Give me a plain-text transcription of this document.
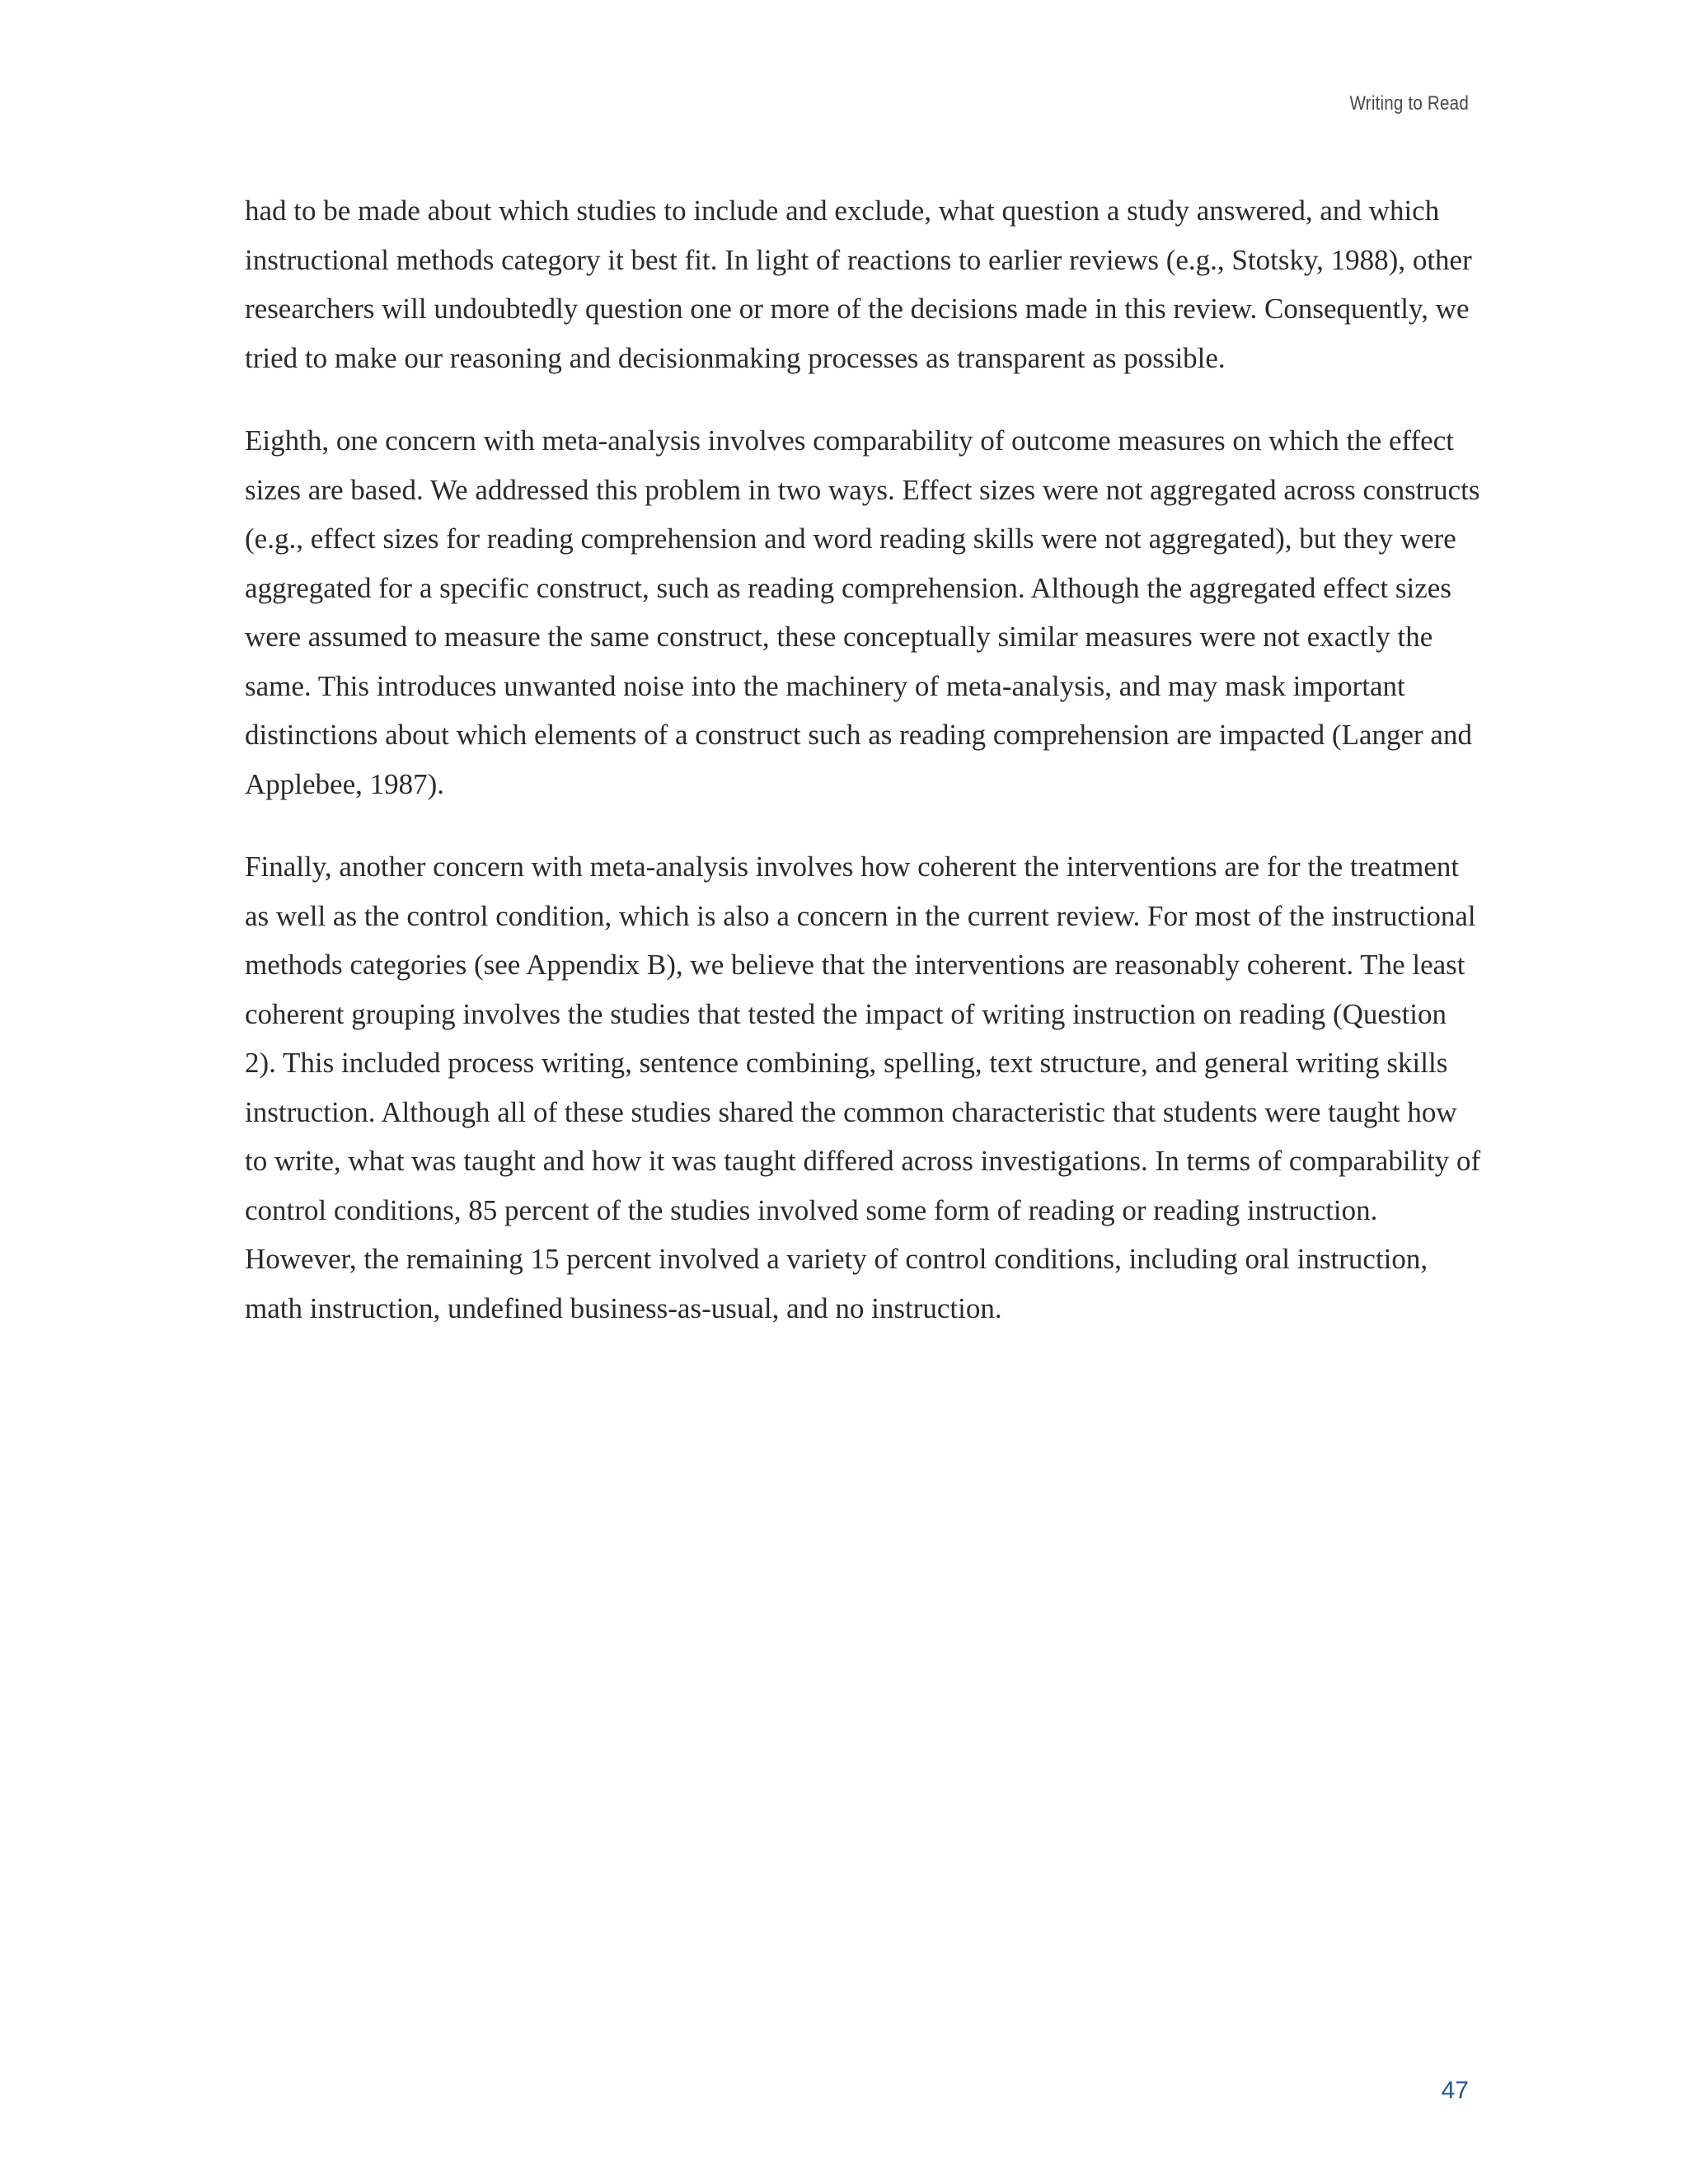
Writing to Read

had to be made about which studies to include and exclude, what question a study answered, and which instructional methods category it best fit. In light of reactions to earlier reviews (e.g., Stotsky, 1988), other researchers will undoubtedly question one or more of the decisions made in this review. Consequently, we tried to make our reasoning and decisionmaking processes as transparent as possible.

Eighth, one concern with meta-analysis involves comparability of outcome measures on which the effect sizes are based. We addressed this problem in two ways. Effect sizes were not aggregated across constructs (e.g., effect sizes for reading comprehension and word reading skills were not aggregated), but they were aggregated for a specific construct, such as reading comprehension. Although the aggregated effect sizes were assumed to measure the same construct, these conceptually similar measures were not exactly the same. This introduces unwanted noise into the machinery of meta-analysis, and may mask important distinctions about which elements of a construct such as reading comprehension are impacted (Langer and Applebee, 1987).

Finally, another concern with meta-analysis involves how coherent the interventions are for the treatment as well as the control condition, which is also a concern in the current review. For most of the instructional methods categories (see Appendix B), we believe that the interventions are reasonably coherent. The least coherent grouping involves the studies that tested the impact of writing instruction on reading (Question 2). This included process writing, sentence combining, spelling, text structure, and general writing skills instruction. Although all of these studies shared the common characteristic that students were taught how to write, what was taught and how it was taught differed across investigations. In terms of comparability of control conditions, 85 percent of the studies involved some form of reading or reading instruction. However, the remaining 15 percent involved a variety of control conditions, including oral instruction, math instruction, undefined business-as-usual, and no instruction.

47
